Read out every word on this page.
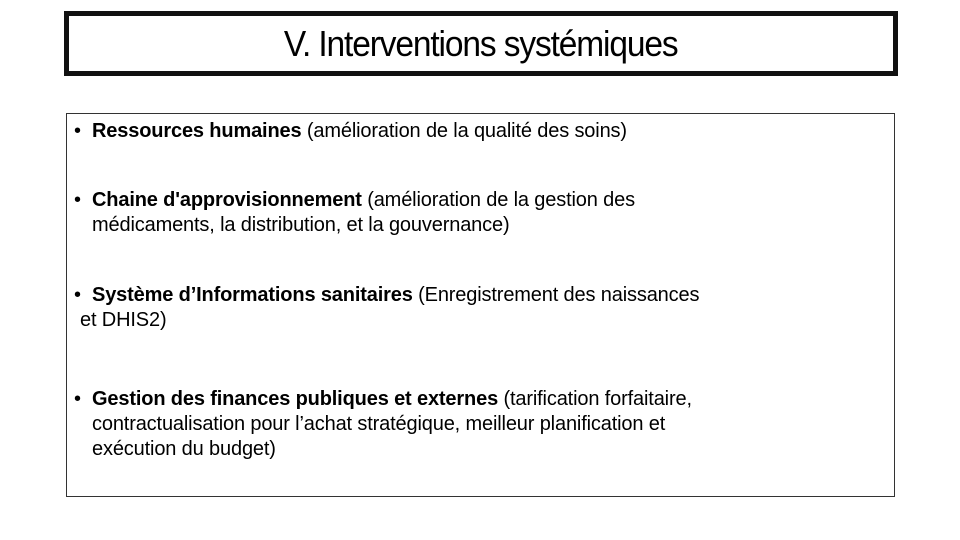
V. Interventions systémiques
• Ressources humaines (amélioration de la qualité des soins)
• Chaine d'approvisionnement (amélioration de la gestion des
médicaments, la distribution, et la gouvernance)
• Système d’Informations sanitaires (Enregistrement des naissances
et DHIS2)
• Gestion des finances publiques et externes (tarification forfaitaire,
contractualisation pour l’achat stratégique, meilleur planification et
exécution du budget)
